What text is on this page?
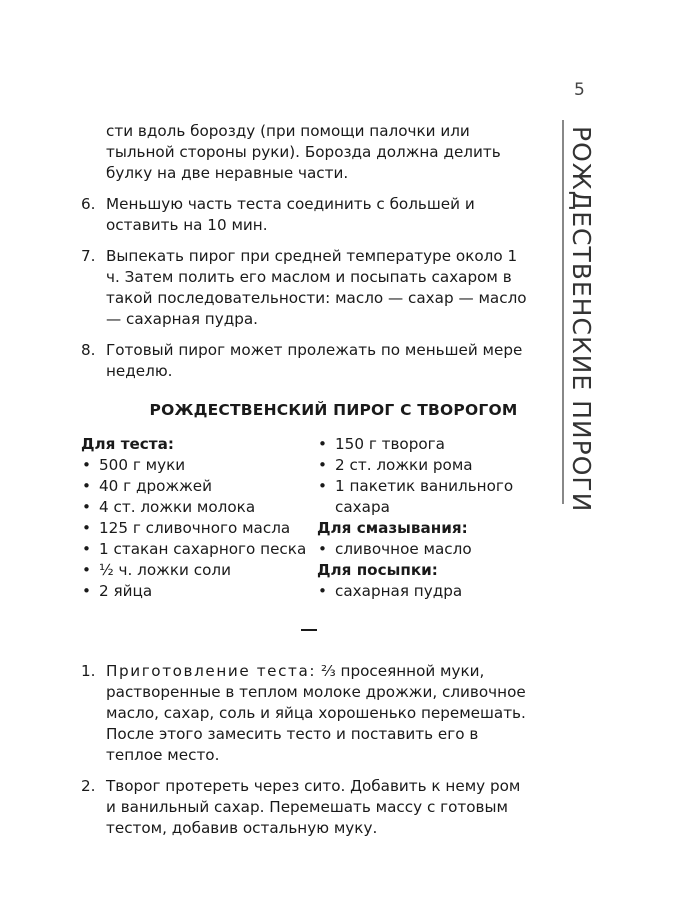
5
РОЖДЕСТВЕНСКИЕ ПИРОГИ

сти вдоль борозду (при помощи палочки или тыльной стороны руки). Борозда должна делить булку на две неравные части.

6. Меньшую часть теста соединить с большей и оставить на 10 мин.
7. Выпекать пирог при средней температуре около 1 ч. Затем полить его маслом и посыпать сахаром в такой последовательности: масло — сахар — масло — сахарная пудра.
8. Готовый пирог может пролежать по меньшей мере неделю.
РОЖДЕСТВЕНСКИЙ ПИРОГ С ТВОРОГОМ
Для теста:
• 500 г муки
• 40 г дрожжей
• 4 ст. ложки молока
• 125 г сливочного масла
• 1 стакан сахарного песка
• ½ ч. ложки соли
• 2 яйца
• 150 г творога
• 2 ст. ложки рома
• 1 пакетик ванильного сахара
Для смазывания:
• сливочное масло
Для посыпки:
• сахарная пудра
1. Приготовление теста: ⅔ просеянной муки, растворенные в теплом молоке дрожжи, сливочное масло, сахар, соль и яйца хорошенько перемешать. После этого замесить тесто и поставить его в теплое место.
2. Творог протереть через сито. Добавить к нему ром и ванильный сахар. Перемешать массу с готовым тестом, добавив остальную муку.
